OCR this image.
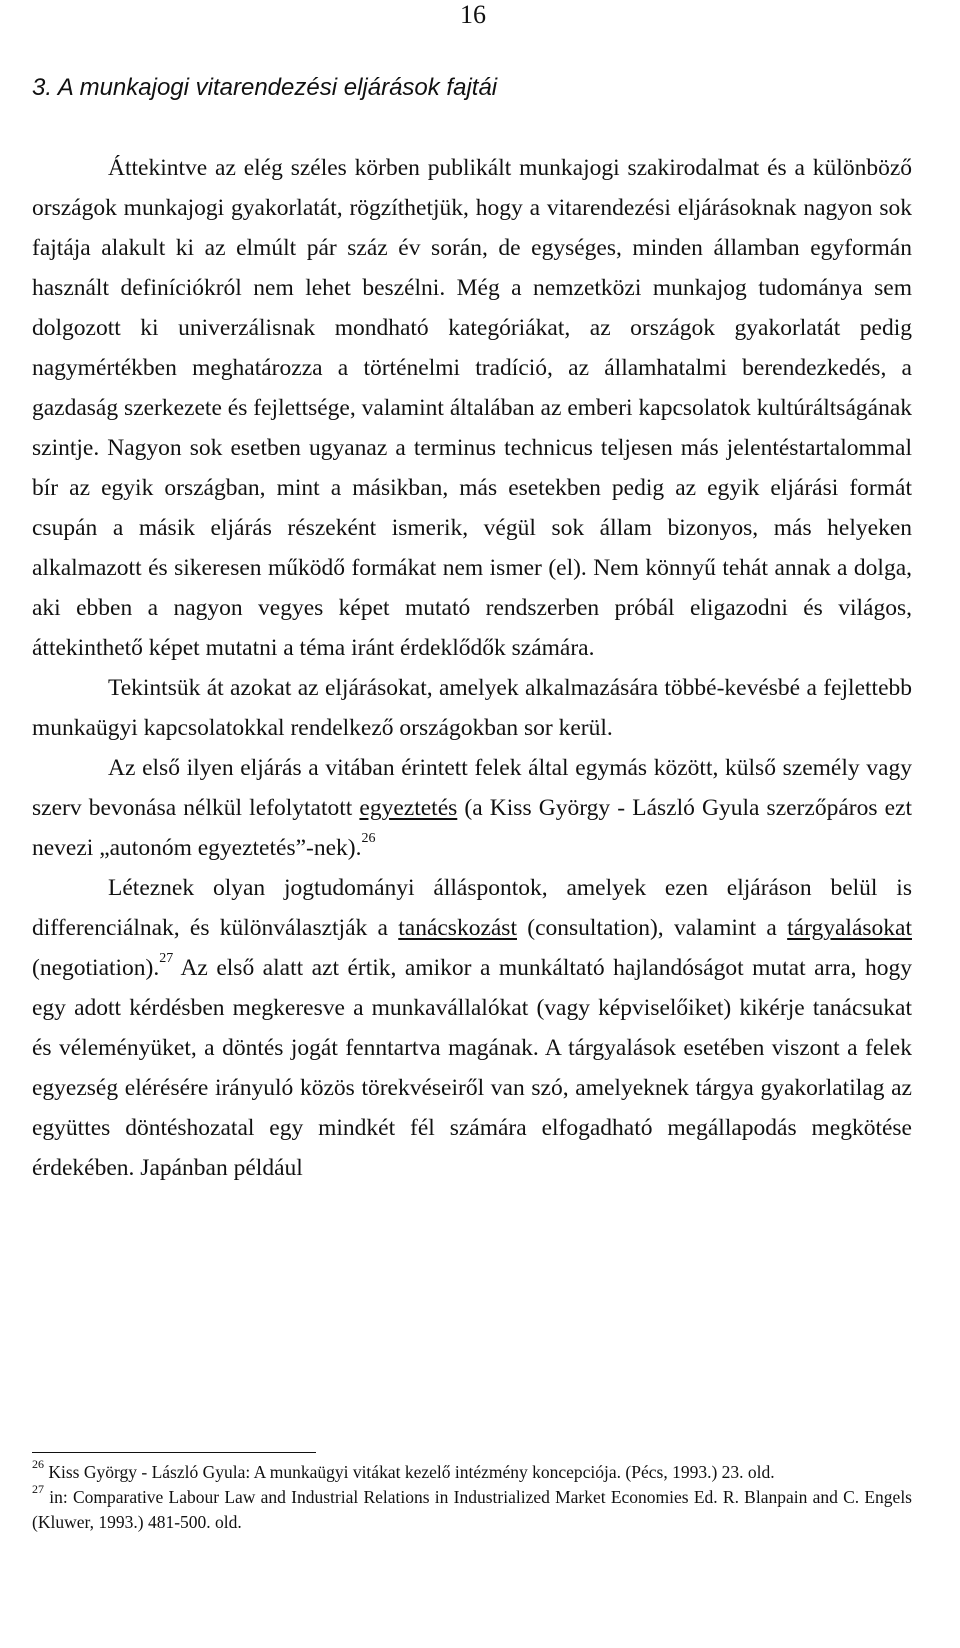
16
3. A munkajogi vitarendezési eljárások fajtái

Áttekintve az elég széles körben publikált munkajogi szakirodalmat és a különböző országok munkajogi gyakorlatát, rögzíthetjük, hogy a vitarendezési eljárásoknak nagyon sok fajtája alakult ki az elmúlt pár száz év során, de egységes, minden államban egyformán használt definíciókról nem lehet beszélni. Még a nemzetközi munkajog tudománya sem dolgozott ki univerzálisnak mondható kategóriákat, az országok gyakorlatát pedig nagymértékben meghatározza a történelmi tradíció, az államhatalmi berendezkedés, a gazdaság szerkezete és fejlettsége, valamint általában az emberi kapcsolatok kultúráltságának szintje. Nagyon sok esetben ugyanaz a terminus technicus teljesen más jelentéstartalommal bír az egyik országban, mint a másikban, más esetekben pedig az egyik eljárási formát csupán a másik eljárás részeként ismerik, végül sok állam bizonyos, más helyeken alkalmazott és sikeresen működő formákat nem ismer (el). Nem könnyű tehát annak a dolga, aki ebben a nagyon vegyes képet mutató rendszerben próbál eligazodni és világos, áttekinthető képet mutatni a téma iránt érdeklődők számára.

Tekintsük át azokat az eljárásokat, amelyek alkalmazására többé-kevésbé a fejlettebb munkaügyi kapcsolatokkal rendelkező országokban sor kerül.

Az első ilyen eljárás a vitában érintett felek által egymás között, külső személy vagy szerv bevonása nélkül lefolytatott egyeztetés (a Kiss György - László Gyula szerzőpáros ezt nevezi „autonóm egyeztetés”-nek).$^{26}$

Léteznek olyan jogtudományi álláspontok, amelyek ezen eljáráson belül is differenciálnak, és különválasztják a tanácskozást (consultation), valamint a tárgyalásokat (negotiation).$^{27}$ Az első alatt azt értik, amikor a munkáltató hajlandóságot mutat arra, hogy egy adott kérdésben megkeresve a munkavállalókat (vagy képviselőiket) kikérje tanácsukat és véleményüket, a döntés jogát fenntartva magának. A tárgyalások esetében viszont a felek egyezség elérésére irányuló közös törekvéseiről van szó, amelyeknek tárgya gyakorlatilag az együttes döntéshozatal egy mindkét fél számára elfogadható megállapodás megkötése érdekében. Japánban például

$^{26}$ Kiss György - László Gyula: A munkaügyi vitákat kezelő intézmény koncepciója. (Pécs, 1993.) 23. old.

$^{27}$ in: Comparative Labour Law and Industrial Relations in Industrialized Market Economies Ed. R. Blanpain and C. Engels (Kluwer, 1993.) 481-500. old.
